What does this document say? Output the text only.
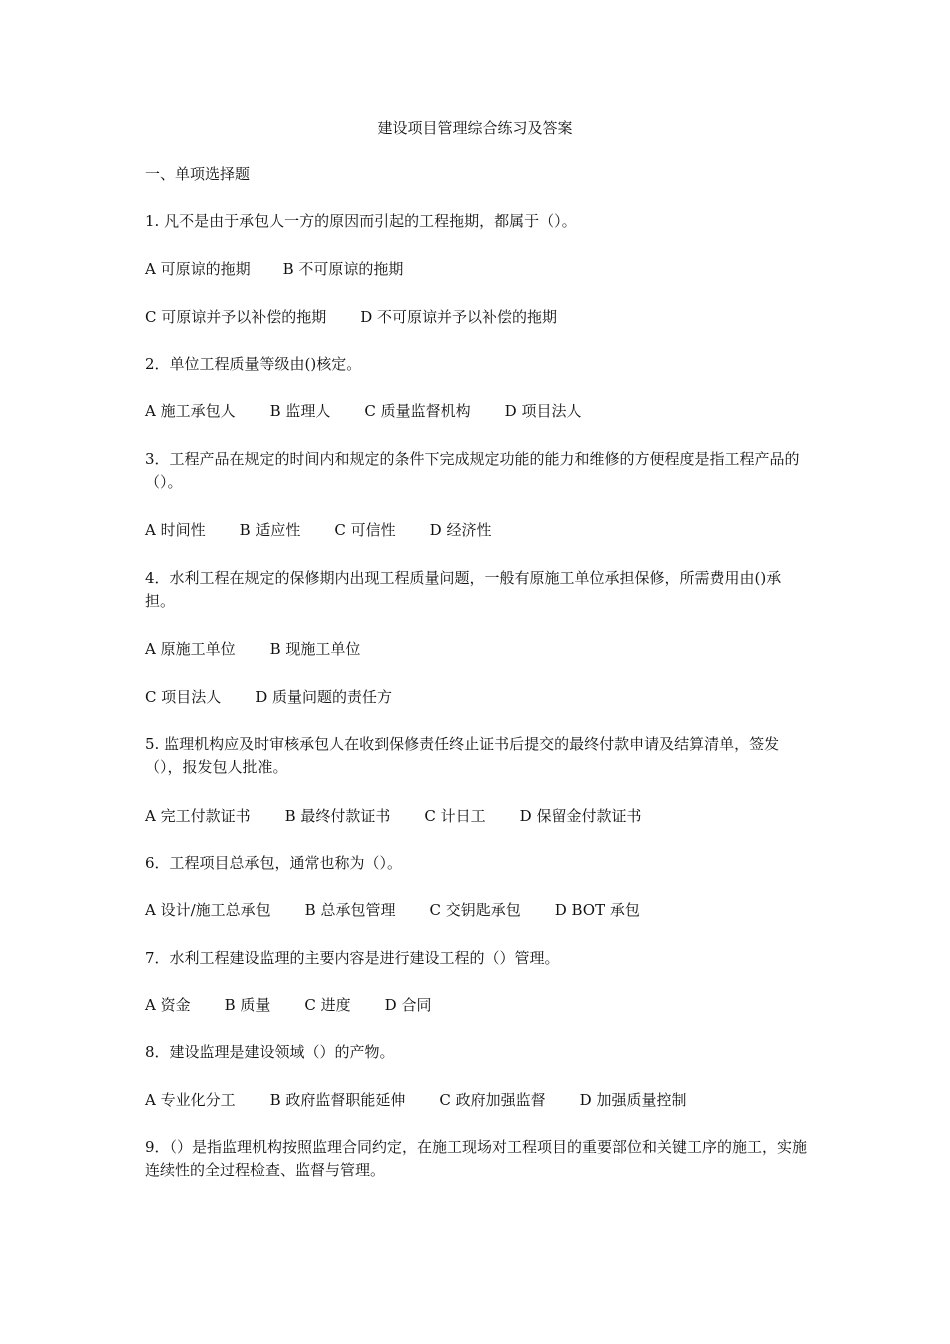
建设项目管理综合练习及答案
一、单项选择题
1. 凡不是由于承包人一方的原因而引起的工程拖期，都属于（）。
A 可原谅的拖期 B 不可原谅的拖期
C 可原谅并予以补偿的拖期 D 不可原谅并予以补偿的拖期
2．单位工程质量等级由()核定。
A 施工承包人 B 监理人 C 质量监督机构 D 项目法人
3．工程产品在规定的时间内和规定的条件下完成规定功能的能力和维修的方便程度是指工程产品的（）。
A 时间性 B 适应性 C 可信性 D 经济性
4．水利工程在规定的保修期内出现工程质量问题，一般有原施工单位承担保修，所需费用由()承担。
A 原施工单位 B 现施工单位
C 项目法人 D 质量问题的责任方
5. 监理机构应及时审核承包人在收到保修责任终止证书后提交的最终付款申请及结算清单，签发（），报发包人批准。
A 完工付款证书 B 最终付款证书 C 计日工 D 保留金付款证书
6．工程项目总承包，通常也称为（）。
A 设计/施工总承包 B 总承包管理 C 交钥匙承包 D BOT 承包
7．水利工程建设监理的主要内容是进行建设工程的（）管理。
A 资金 B 质量 C 进度 D 合同
8．建设监理是建设领域（）的产物。
A 专业化分工 B 政府监督职能延伸 C 政府加强监督 D 加强质量控制
9．（）是指监理机构按照监理合同约定，在施工现场对工程项目的重要部位和关键工序的施工，实施连续性的全过程检查、监督与管理。
